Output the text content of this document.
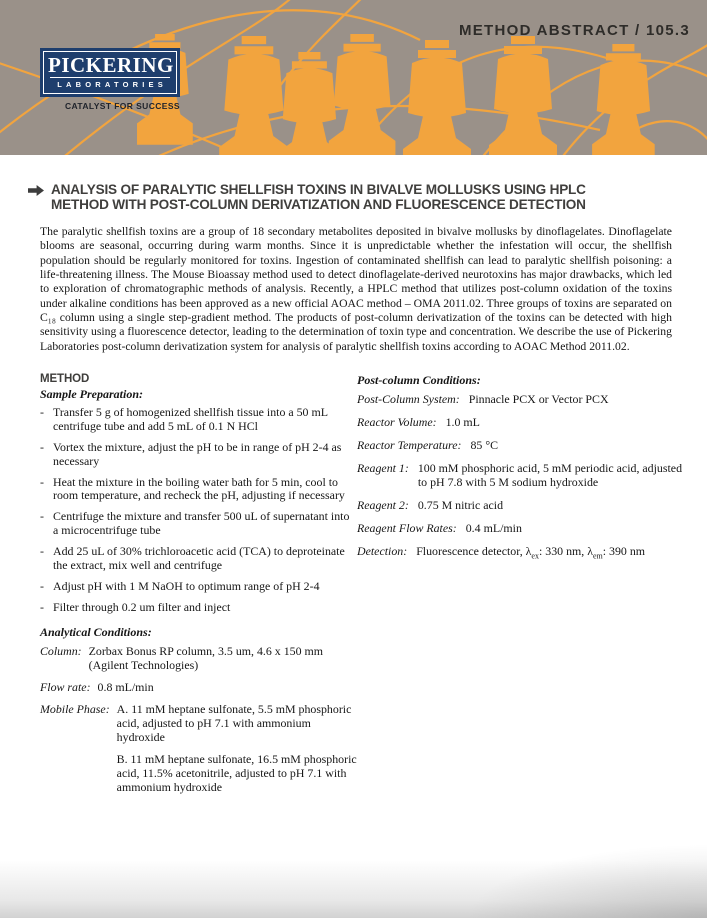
METHOD ABSTRACT / 105.3
PICKERING
LABORATORIES
CATALYST FOR SUCCESS
ANALYSIS OF PARALYTIC SHELLFISH TOXINS IN BIVALVE MOLLUSKS USING HPLC
METHOD WITH POST-COLUMN DERIVATIZATION AND FLUORESCENCE DETECTION

The paralytic shellfish toxins are a group of 18 secondary metabolites deposited in bivalve mollusks by dinoflagelates. Dinoflagelate blooms are seasonal, occurring during warm months. Since it is unpredictable whether the infestation will occur, the shellfish population should be regularly monitored for toxins. Ingestion of contaminated shellfish can lead to paralytic shellfish poisoning: a life-threatening illness. The Mouse Bioassay method used to detect dinoflagelate-derived neurotoxins has major drawbacks, which led to exploration of chromatographic methods of analysis. Recently, a HPLC method that utilizes post-column oxidation of the toxins under alkaline conditions has been approved as a new official AOAC method – OMA 2011.02. Three groups of toxins are separated on C₁₈ column using a single step-gradient method. The products of post-column derivatization of the toxins can be detected with high sensitivity using a fluorescence detector, leading to the determination of toxin type and concentration. We describe the use of Pickering Laboratories post-column derivatization system for analysis of paralytic shellfish toxins according to AOAC Method 2011.02.

METHOD
Sample Preparation:
- Transfer 5 g of homogenized shellfish tissue into a 50 mL centrifuge tube and add 5 mL of 0.1 N HCl
- Vortex the mixture, adjust the pH to be in range of pH 2-4 as necessary
- Heat the mixture in the boiling water bath for 5 min, cool to room temperature, and recheck the pH, adjusting if necessary
- Centrifuge the mixture and transfer 500 uL of supernatant into a microcentrifuge tube
- Add 25 uL of 30% trichloroacetic acid (TCA) to deproteinate the extract, mix well and centrifuge
- Adjust pH with 1 M NaOH to optimum range of pH 2-4
- Filter through 0.2 um filter and inject
Analytical Conditions:
Column: Zorbax Bonus RP column, 3.5 um, 4.6 x 150 mm (Agilent Technologies)
Flow rate: 0.8 mL/min
Mobile Phase: A. 11 mM heptane sulfonate, 5.5 mM phosphoric acid, adjusted to pH 7.1 with ammonium hydroxide

B. 11 mM heptane sulfonate, 16.5 mM phosphoric acid, 11.5% acetonitrile, adjusted to pH 7.1 with ammonium hydroxide

Post-column Conditions:
Post-Column System: Pinnacle PCX or Vector PCX
Reactor Volume: 1.0 mL
Reactor Temperature: 85 °C
Reagent 1: 100 mM phosphoric acid, 5 mM periodic acid, adjusted to pH 7.8 with 5 M sodium hydroxide
Reagent 2: 0.75 M nitric acid
Reagent Flow Rates: 0.4 mL/min
Detection: Fluorescence detector, $\lambda_{ex}$: 330 nm, $\lambda_{em}$: 390 nm
